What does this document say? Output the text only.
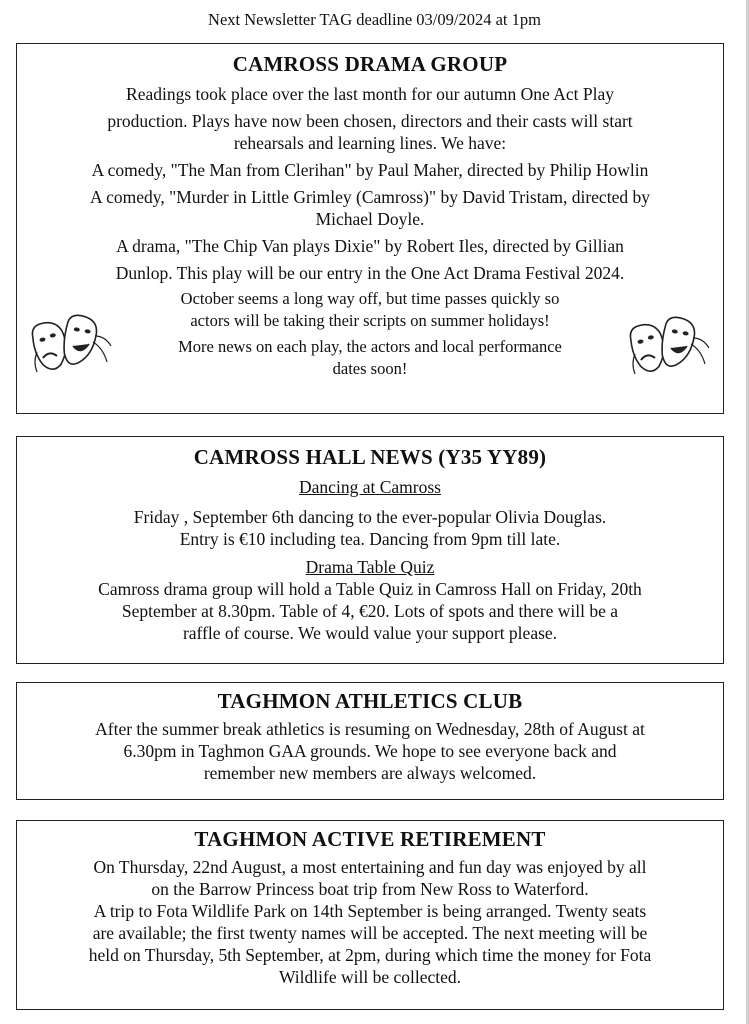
Next Newsletter TAG deadline 03/09/2024 at 1pm
CAMROSS DRAMA GROUP

Readings took place over the last month for our autumn One Act Play

production. Plays have now been chosen, directors and their casts will start

rehearsals and learning lines. We have:

A comedy, "The Man from Clerihan" by Paul Maher, directed by Philip Howlin

A comedy, "Murder in Little Grimley (Camross)" by David Tristam, directed by

Michael Doyle.

A drama, "The Chip Van plays Dixie" by Robert Iles, directed by Gillian

Dunlop. This play will be our entry in the One Act Drama Festival 2024.

October seems a long way off, but time passes quickly so

actors will be taking their scripts on summer holidays!

More news on each play, the actors and local performance

dates soon!

CAMROSS HALL NEWS (Y35 YY89)
Dancing at Camross

Friday , September 6th dancing to the ever-popular Olivia Douglas.

Entry is €10 including tea. Dancing from 9pm till late.

Drama Table Quiz

Camross drama group will hold a Table Quiz in Camross Hall on Friday, 20th

September at 8.30pm. Table of 4, €20. Lots of spots and there will be a

raffle of course. We would value your support please.

TAGHMON ATHLETICS CLUB

After the summer break athletics is resuming on Wednesday, 28th of August at

6.30pm in Taghmon GAA grounds. We hope to see everyone back and

remember new members are always welcomed.

TAGHMON ACTIVE RETIREMENT

On Thursday, 22nd August, a most entertaining and fun day was enjoyed by all

on the Barrow Princess boat trip from New Ross to Waterford.

A trip to Fota Wildlife Park on 14th September is being arranged. Twenty seats

are available; the first twenty names will be accepted. The next meeting will be

held on Thursday, 5th September, at 2pm, during which time the money for Fota

Wildlife will be collected.
